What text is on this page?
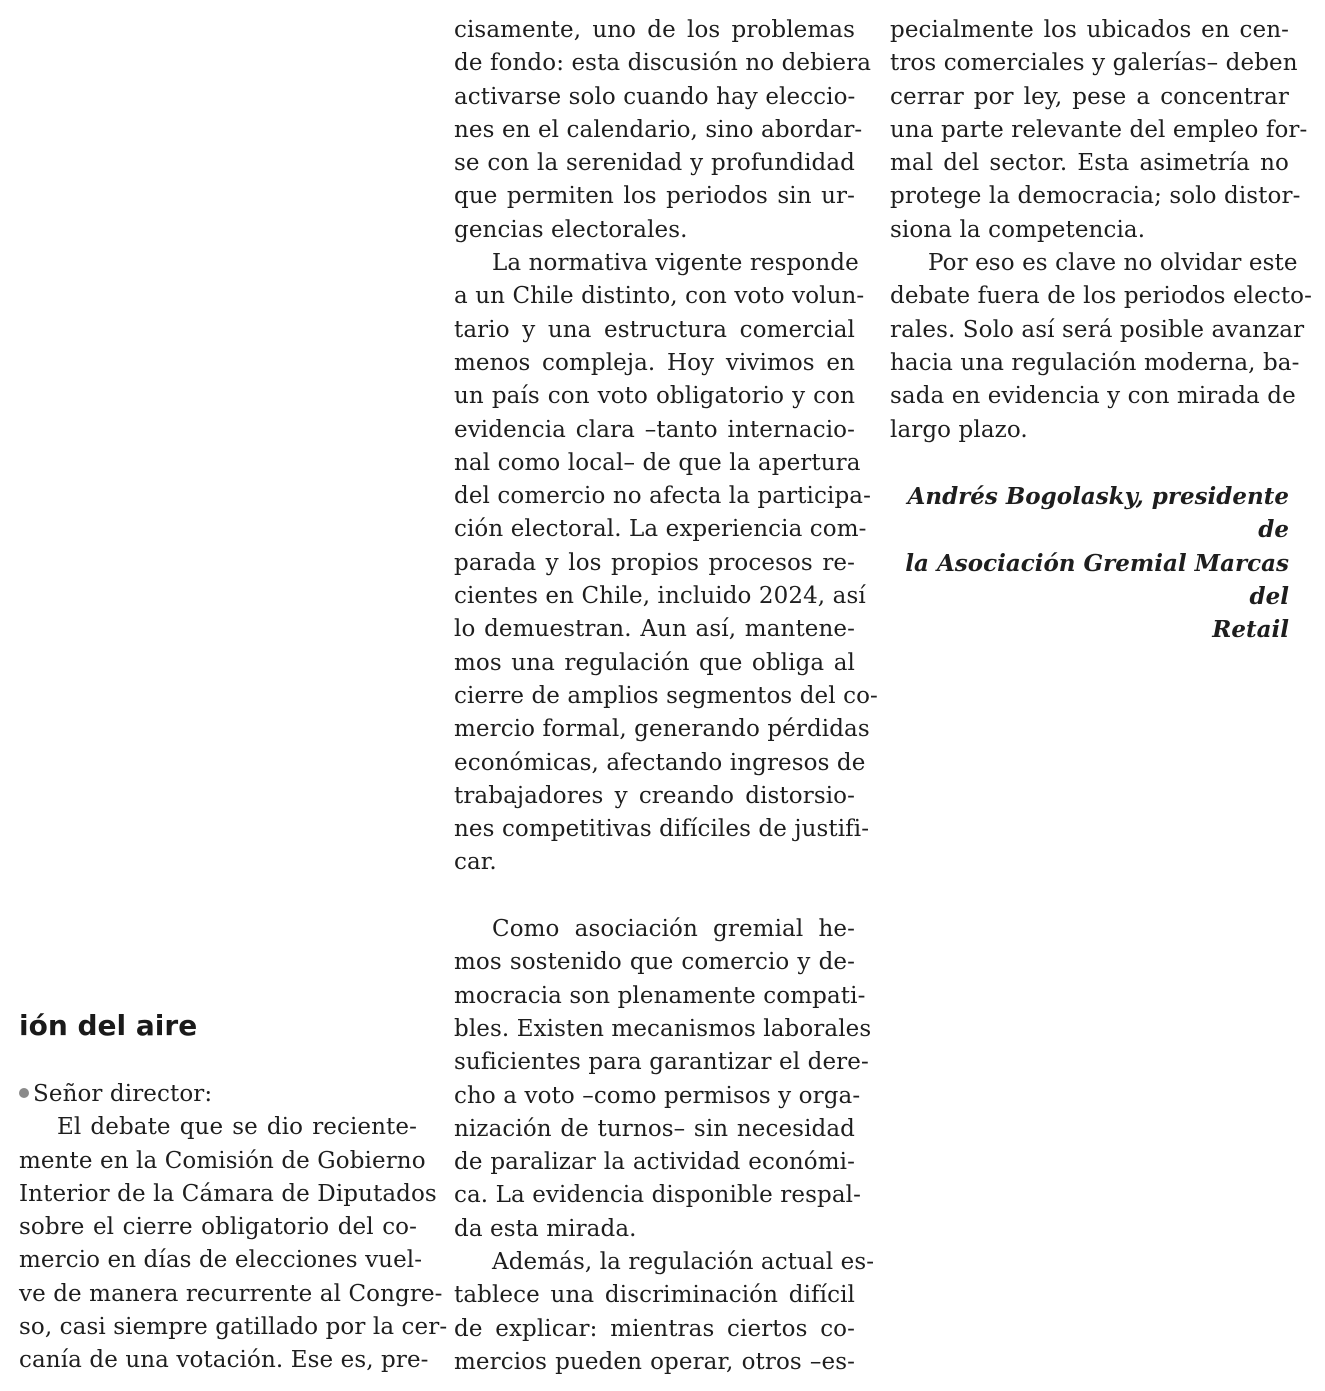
ión del aire
Señor director:
El debate que se dio reciente-
mente en la Comisión de Gobierno
Interior de la Cámara de Diputados
sobre el cierre obligatorio del co-
mercio en días de elecciones vuel-
ve de manera recurrente al Congre-
so, casi siempre gatillado por la cer-
canía de una votación. Ese es, pre-
cisamente, uno de los problemas
de fondo: esta discusión no debiera
activarse solo cuando hay eleccio-
nes en el calendario, sino abordar-
se con la serenidad y profundidad
que permiten los periodos sin ur-
gencias electorales.
La normativa vigente responde
a un Chile distinto, con voto volun-
tario y una estructura comercial
menos compleja. Hoy vivimos en
un país con voto obligatorio y con
evidencia clara –tanto internacio-
nal como local– de que la apertura
del comercio no afecta la participa-
ción electoral. La experiencia com-
parada y los propios procesos re-
cientes en Chile, incluido 2024, así
lo demuestran. Aun así, mantene-
mos una regulación que obliga al
cierre de amplios segmentos del co-
mercio formal, generando pérdidas
económicas, afectando ingresos de
trabajadores y creando distorsio-
nes competitivas difíciles de justifi-
car.
Como asociación gremial he-
mos sostenido que comercio y de-
mocracia son plenamente compati-
bles. Existen mecanismos laborales
suficientes para garantizar el dere-
cho a voto –como permisos y orga-
nización de turnos– sin necesidad
de paralizar la actividad económi-
ca. La evidencia disponible respal-
da esta mirada.
Además, la regulación actual es-
tablece una discriminación difícil
de explicar: mientras ciertos co-
mercios pueden operar, otros –es-
pecialmente los ubicados en cen-
tros comerciales y galerías– deben
cerrar por ley, pese a concentrar
una parte relevante del empleo for-
mal del sector. Esta asimetría no
protege la democracia; solo distor-
siona la competencia.
Por eso es clave no olvidar este
debate fuera de los periodos electo-
rales. Solo así será posible avanzar
hacia una regulación moderna, ba-
sada en evidencia y con mirada de
largo plazo.
Andrés Bogolasky, presidente de
la Asociación Gremial Marcas del
Retail
